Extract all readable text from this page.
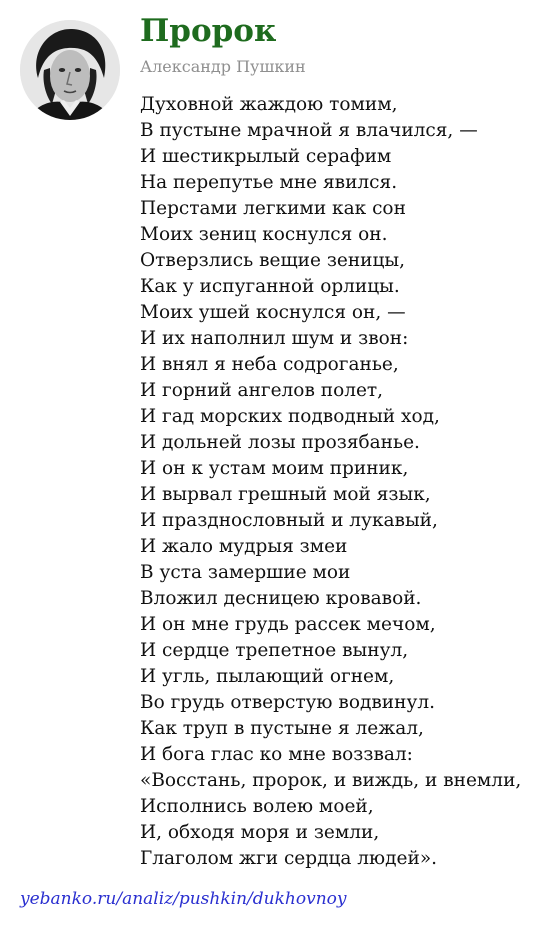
Пророк
Александр Пушкин
Духовной жаждою томим,
В пустыне мрачной я влачился, —
И шестикрылый серафим
На перепутье мне явился.
Перстами легкими как сон
Моих зениц коснулся он.
Отверзлись вещие зеницы,
Как у испуганной орлицы.
Моих ушей коснулся он, —
И их наполнил шум и звон:
И внял я неба содроганье,
И горний ангелов полет,
И гад морских подводный ход,
И дольней лозы прозябанье.
И он к устам моим приник,
И вырвал грешный мой язык,
И празднословный и лукавый,
И жало мудрыя змеи
В уста замершие мои
Вложил десницею кровавой.
И он мне грудь рассек мечом,
И сердце трепетное вынул,
И угль, пылающий огнем,
Во грудь отверстую водвинул.
Как труп в пустыне я лежал,
И бога глас ко мне воззвал:
«Восстань, пророк, и виждь, и внемли,
Исполнись волею моей,
И, обходя моря и земли,
Глаголом жги сердца людей».
yebanko.ru/analiz/pushkin/dukhovnoy
